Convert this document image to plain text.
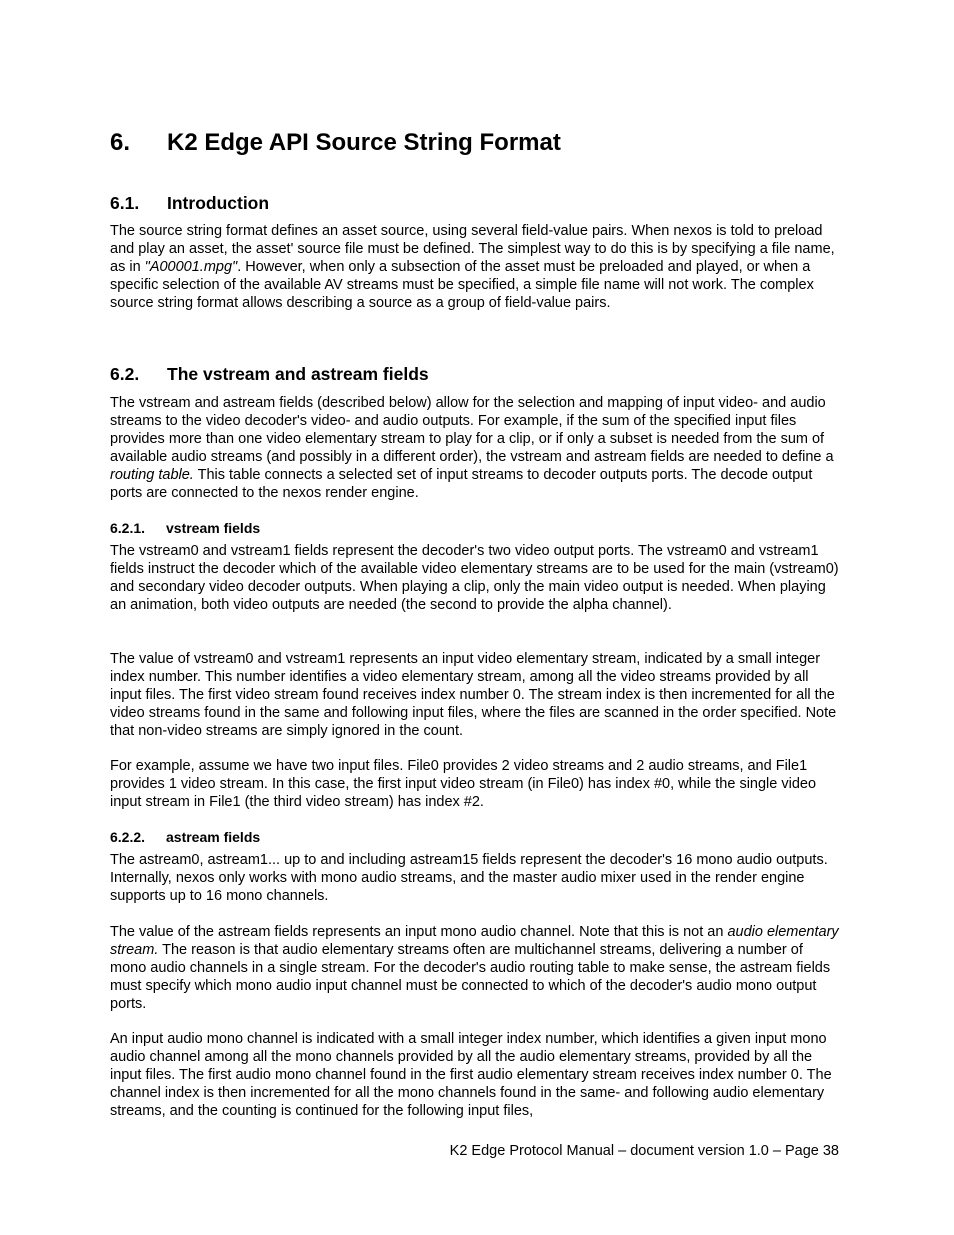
6. K2 Edge API Source String Format
6.1. Introduction

The source string format defines an asset source, using several field-value pairs. When nexos is told to preload and play an asset, the asset' source file must be defined. The simplest way to do this is by specifying a file name, as in "A00001.mpg". However, when only a subsection of the asset must be preloaded and played, or when a specific selection of the available AV streams must be specified, a simple file name will not work. The complex source string format allows describing a source as a group of field-value pairs.

6.2. The vstream and astream fields

The vstream and astream fields (described below) allow for the selection and mapping of input video- and audio streams to the video decoder's video- and audio outputs. For example, if the sum of the specified input files provides more than one video elementary stream to play for a clip, or if only a subset is needed from the sum of available audio streams (and possibly in a different order), the vstream and astream fields are needed to define a routing table. This table connects a selected set of input streams to decoder outputs ports. The decode output ports are connected to the nexos render engine.

6.2.1. vstream fields

The vstream0 and vstream1 fields represent the decoder's two video output ports. The vstream0 and vstream1 fields instruct the decoder which of the available video elementary streams are to be used for the main (vstream0) and secondary video decoder outputs. When playing a clip, only the main video output is needed. When playing an animation, both video outputs are needed (the second to provide the alpha channel).

The value of vstream0 and vstream1 represents an input video elementary stream, indicated by a small integer index number. This number identifies a video elementary stream, among all the video streams provided by all input files. The first video stream found receives index number 0. The stream index is then incremented for all the video streams found in the same and following input files, where the files are scanned in the order specified. Note that non-video streams are simply ignored in the count.

For example, assume we have two input files. File0 provides 2 video streams and 2 audio streams, and File1 provides 1 video stream. In this case, the first input video stream (in File0) has index #0, while the single video input stream in File1 (the third video stream) has index #2.

6.2.2. astream fields

The astream0, astream1... up to and including astream15 fields represent the decoder's 16 mono audio outputs. Internally, nexos only works with mono audio streams, and the master audio mixer used in the render engine supports up to 16 mono channels.

The value of the astream fields represents an input mono audio channel. Note that this is not an audio elementary stream. The reason is that audio elementary streams often are multichannel streams, delivering a number of mono audio channels in a single stream. For the decoder's audio routing table to make sense, the astream fields must specify which mono audio input channel must be connected to which of the decoder's audio mono output ports.

An input audio mono channel is indicated with a small integer index number, which identifies a given input mono audio channel among all the mono channels provided by all the audio elementary streams, provided by all the input files. The first audio mono channel found in the first audio elementary stream receives index number 0. The channel index is then incremented for all the mono channels found in the same- and following audio elementary streams, and the counting is continued for the following input files,

K2 Edge Protocol Manual – document version 1.0 – Page 38
